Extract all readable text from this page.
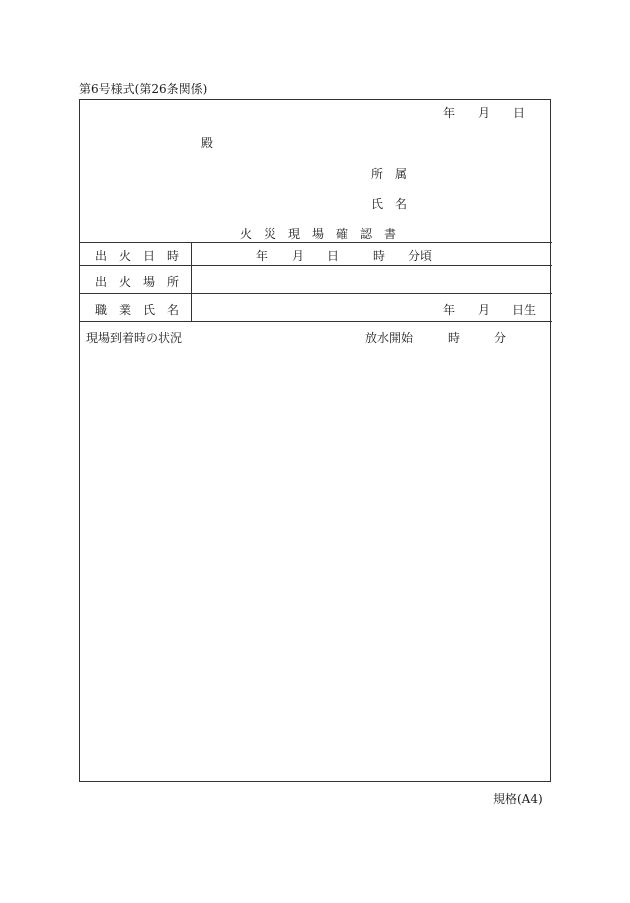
第6号様式(第26条関係)
年 月 日
殿
所　属
氏　名
火　災　現　場　確　認　書
出　火　日　時	年 月 日	時 分頃
出　火　場　所
職　業　氏　名	年 月 日生
現場到着時の状況	放水開始	時	分
規格(A4)
